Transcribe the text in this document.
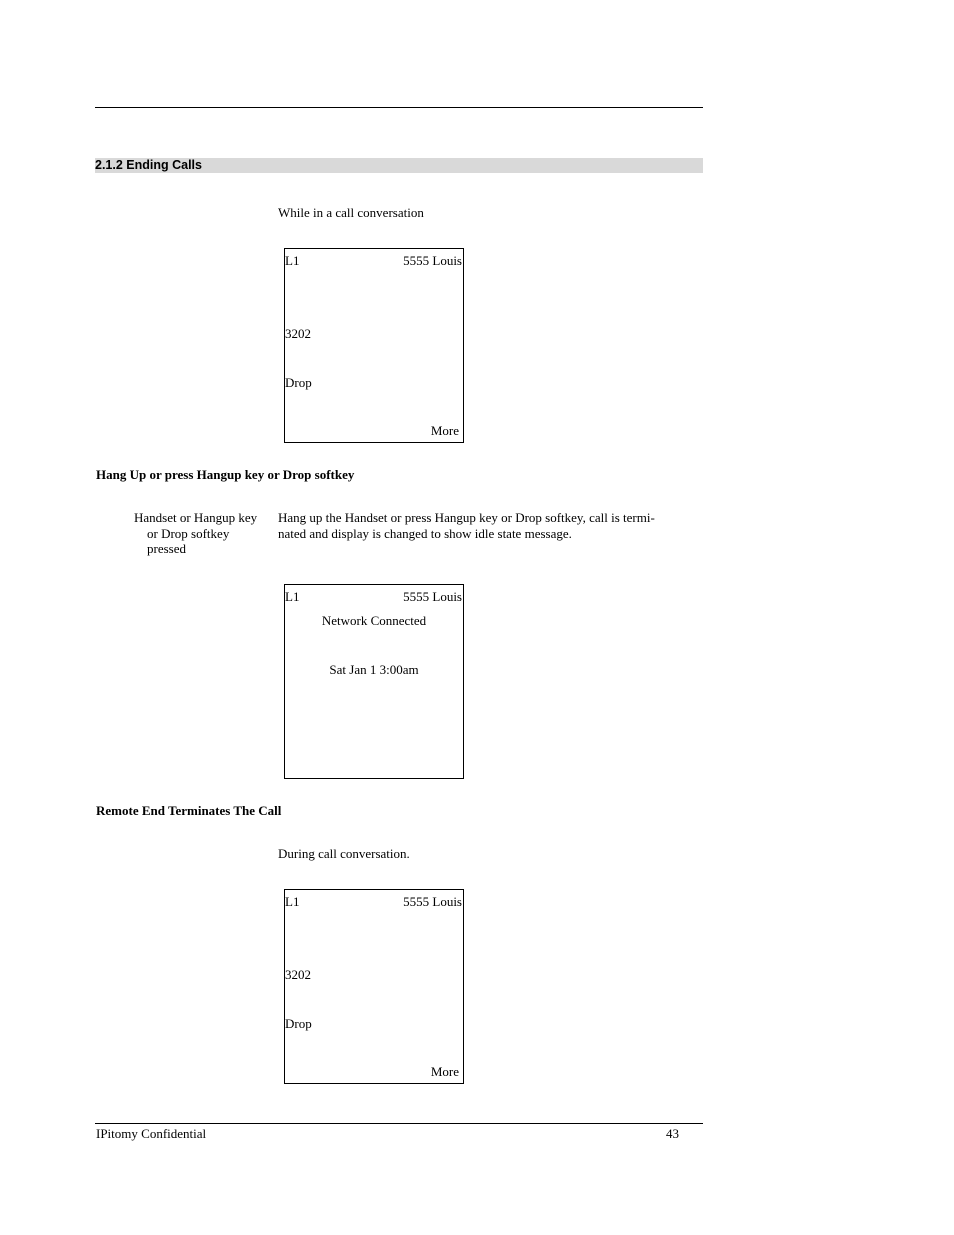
2.1.2 Ending Calls
While in a call conversation
L1	5555 Louis
3202
Drop
More
Hang Up or press Hangup key or Drop softkey
Handset or Hangup key
or Drop softkey
pressed
Hang up the Handset or press Hangup key or Drop softkey, call is termi-
nated and display is changed to show idle state message.
L1	5555 Louis
Network Connected
Sat Jan 1 3:00am
Remote End Terminates The Call
During call conversation.
L1	5555 Louis
3202
Drop
More
IPitomy Confidential	43
